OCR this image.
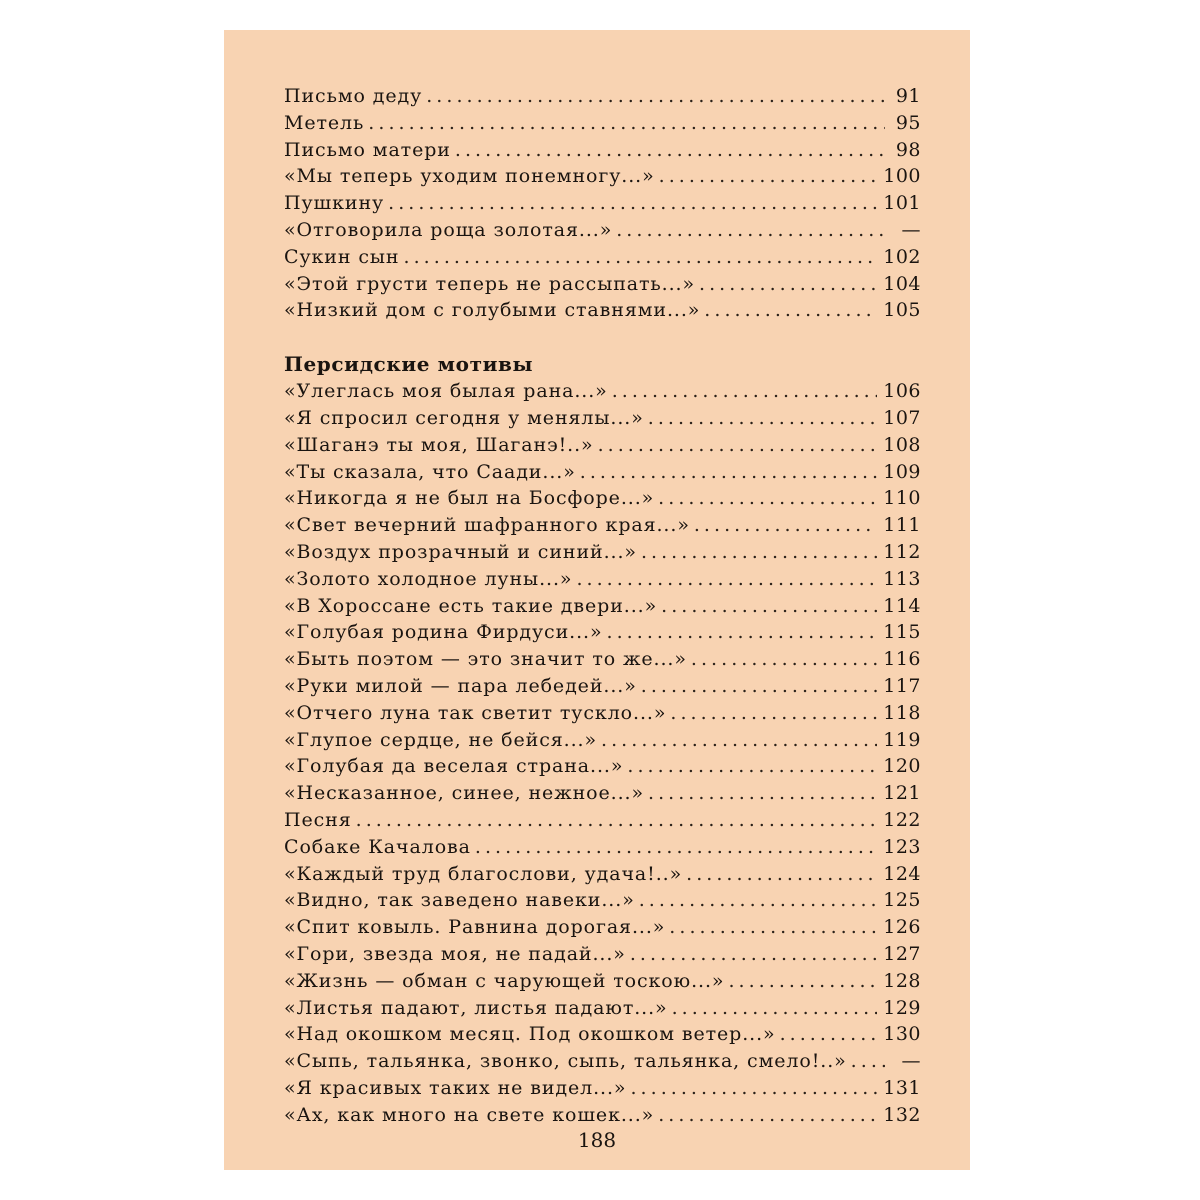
Письмо деду . . .	91
Метель . . .	95
Письмо матери . . .	98
«Мы теперь уходим понемногу...» . . .	100
Пушкину . . .	101
«Отговорила роща золотая...» . . .	—
Сукин сын . . .	102
«Этой грусти теперь не рассыпать...» . . .	104
«Низкий дом с голубыми ставнями...» . . .	105
Персидские мотивы
«Улеглась моя былая рана...» . . .	106
«Я спросил сегодня у менялы...» . . .	107
«Шаганэ ты моя, Шаганэ!..» . . .	108
«Ты сказала, что Саади...» . . .	109
«Никогда я не был на Босфоре...» . . .	110
«Свет вечерний шафранного края...» . . .	111
«Воздух прозрачный и синий...» . . .	112
«Золото холодное луны...» . . .	113
«В Хороссане есть такие двери...» . . .	114
«Голубая родина Фирдуси...» . . .	115
«Быть поэтом — это значит то же...» . . .	116
«Руки милой — пара лебедей...» . . .	117
«Отчего луна так светит тускло...» . . .	118
«Глупое сердце, не бейся...» . . .	119
«Голубая да веселая страна...» . . .	120
«Несказанное, синее, нежное...» . . .	121
Песня . . .	122
Собаке Качалова . . .	123
«Каждый труд благослови, удача!..» . . .	124
«Видно, так заведено навеки...» . . .	125
«Спит ковыль. Равнина дорогая...» . . .	126
«Гори, звезда моя, не падай...» . . .	127
«Жизнь — обман с чарующей тоскою...» . . .	128
«Листья падают, листья падают...» . . .	129
«Над окошком месяц. Под окошком ветер...» . . .	130
«Сыпь, тальянка, звонко, сыпь, тальянка, смело!..» . . .	—
«Я красивых таких не видел...» . . .	131
«Ах, как много на свете кошек...» . . .	132
188
